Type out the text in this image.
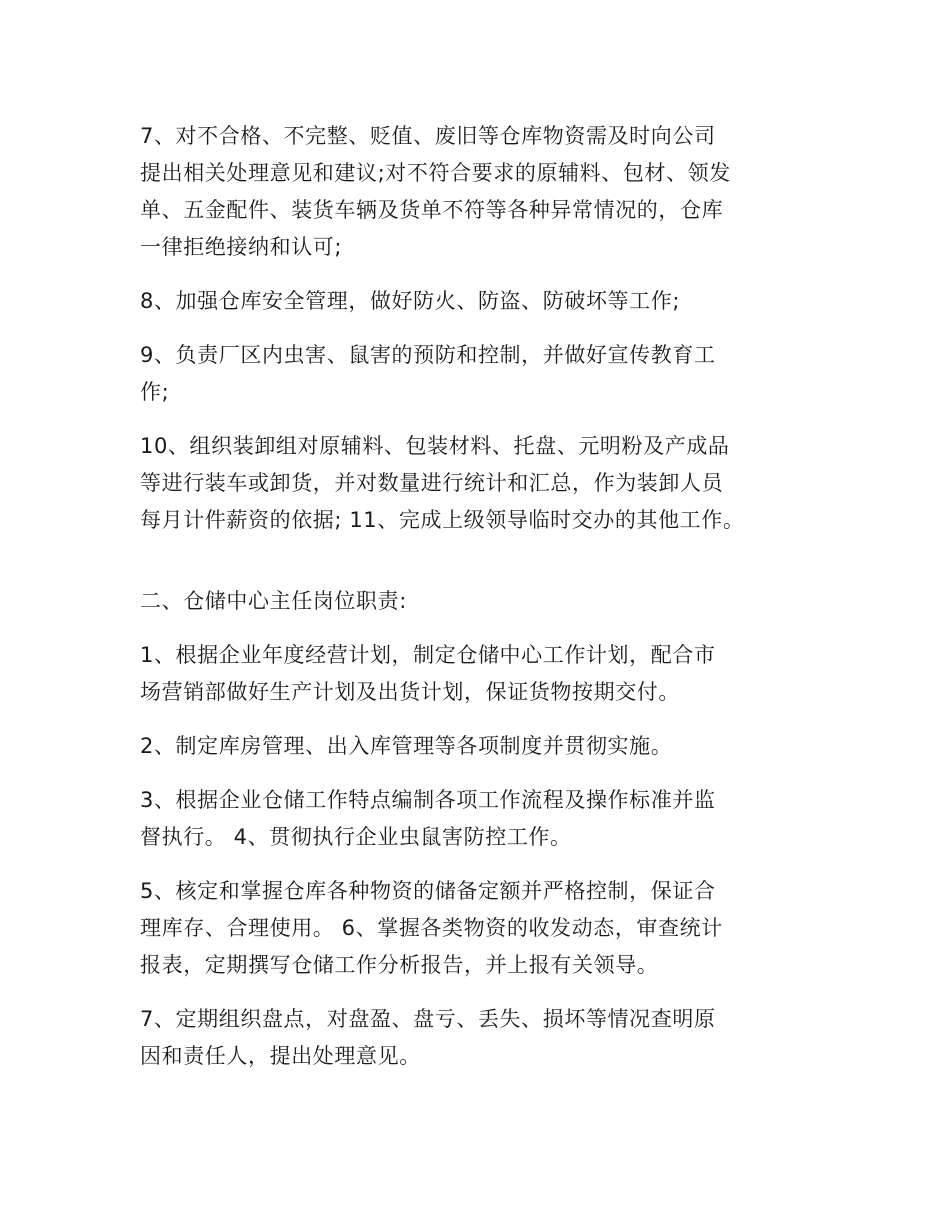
7、对不合格、不完整、贬值、废旧等仓库物资需及时向公司
提出相关处理意见和建议;对不符合要求的原辅料、包材、领发
单、五金配件、装货车辆及货单不符等各种异常情况的，仓库
一律拒绝接纳和认可;

8、加强仓库安全管理，做好防火、防盗、防破坏等工作;

9、负责厂区内虫害、鼠害的预防和控制，并做好宣传教育工
作;

10、组织装卸组对原辅料、包装材料、托盘、元明粉及产成品
等进行装车或卸货，并对数量进行统计和汇总，作为装卸人员
每月计件薪资的依据; 11、完成上级领导临时交办的其他工作。

二、仓储中心主任岗位职责:

1、根据企业年度经营计划，制定仓储中心工作计划，配合市
场营销部做好生产计划及出货计划，保证货物按期交付。

2、制定库房管理、出入库管理等各项制度并贯彻实施。

3、根据企业仓储工作特点编制各项工作流程及操作标准并监
督执行。 4、贯彻执行企业虫鼠害防控工作。

5、核定和掌握仓库各种物资的储备定额并严格控制，保证合
理库存、合理使用。 6、掌握各类物资的收发动态，审查统计
报表，定期撰写仓储工作分析报告，并上报有关领导。

7、定期组织盘点，对盘盈、盘亏、丢失、损坏等情况查明原
因和责任人，提出处理意见。
